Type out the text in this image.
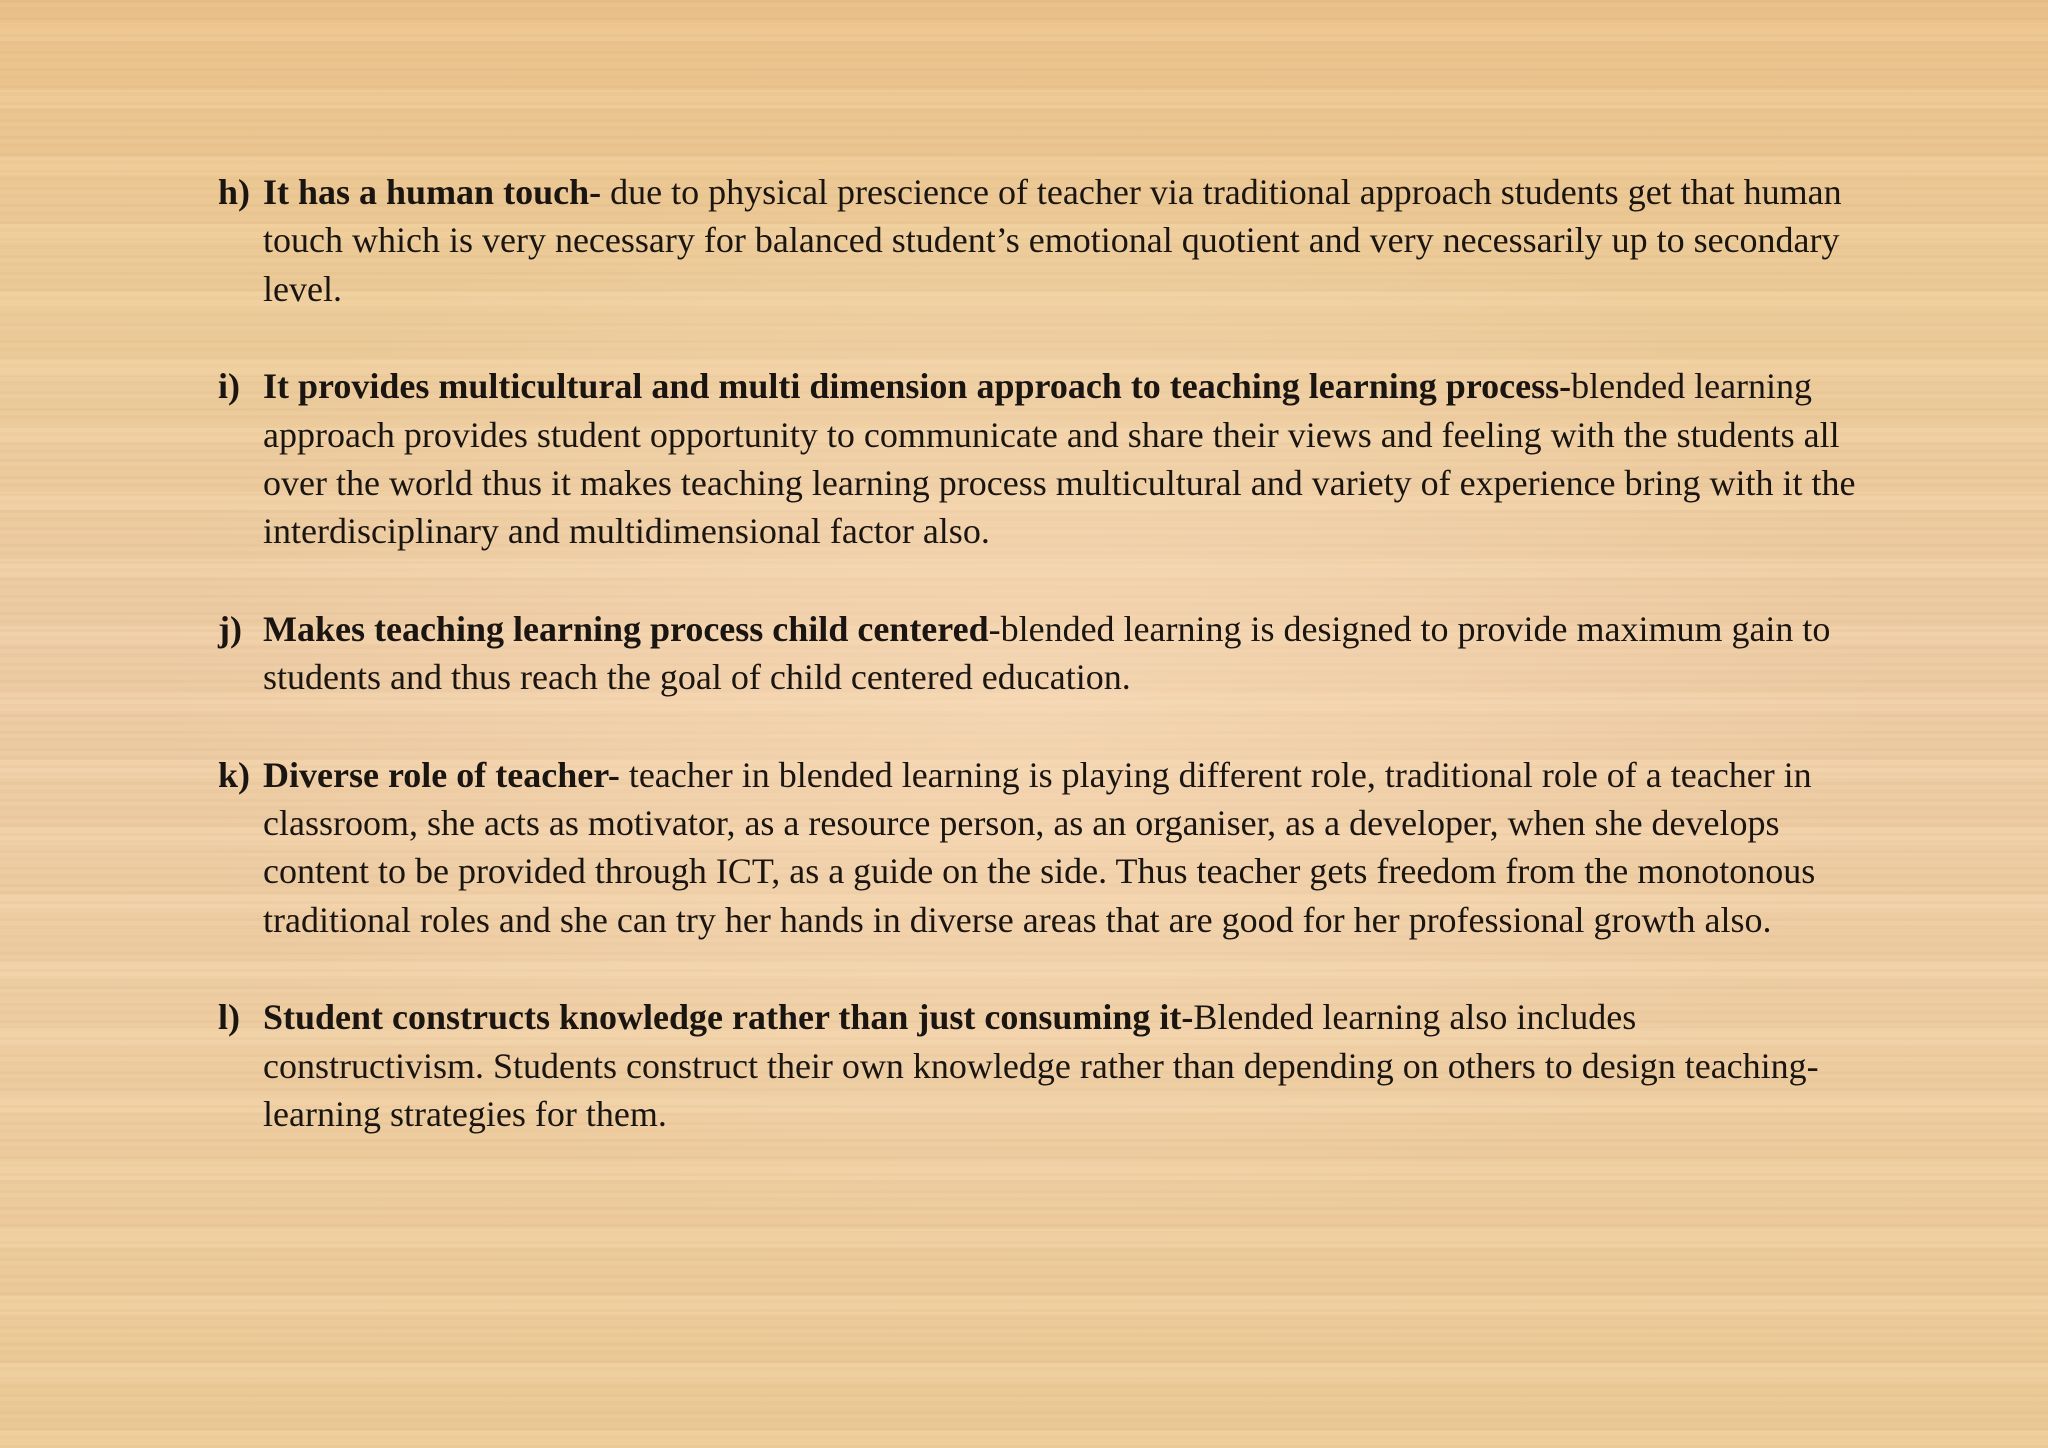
h) It has a human touch- due to physical prescience of teacher via traditional approach students get that human touch which is very necessary for balanced student’s emotional quotient and very necessarily up to secondary level.
i) It provides multicultural and multi dimension approach to teaching learning process-blended learning approach provides student opportunity to communicate and share their views and feeling with the students all over the world thus it makes teaching learning process multicultural and variety of experience bring with it the interdisciplinary and multidimensional factor also.
j) Makes teaching learning process child centered-blended learning is designed to provide maximum gain to students and thus reach the goal of child centered education.
k) Diverse role of teacher- teacher in blended learning is playing different role, traditional role of a teacher in classroom, she acts as motivator, as a resource person, as an organiser, as a developer, when she develops content to be provided through ICT, as a guide on the side. Thus teacher gets freedom from the monotonous traditional roles and she can try her hands in diverse areas that are good for her professional growth also.
l) Student constructs knowledge rather than just consuming it-Blended learning also includes constructivism. Students construct their own knowledge rather than depending on others to design teaching-learning strategies for them.
